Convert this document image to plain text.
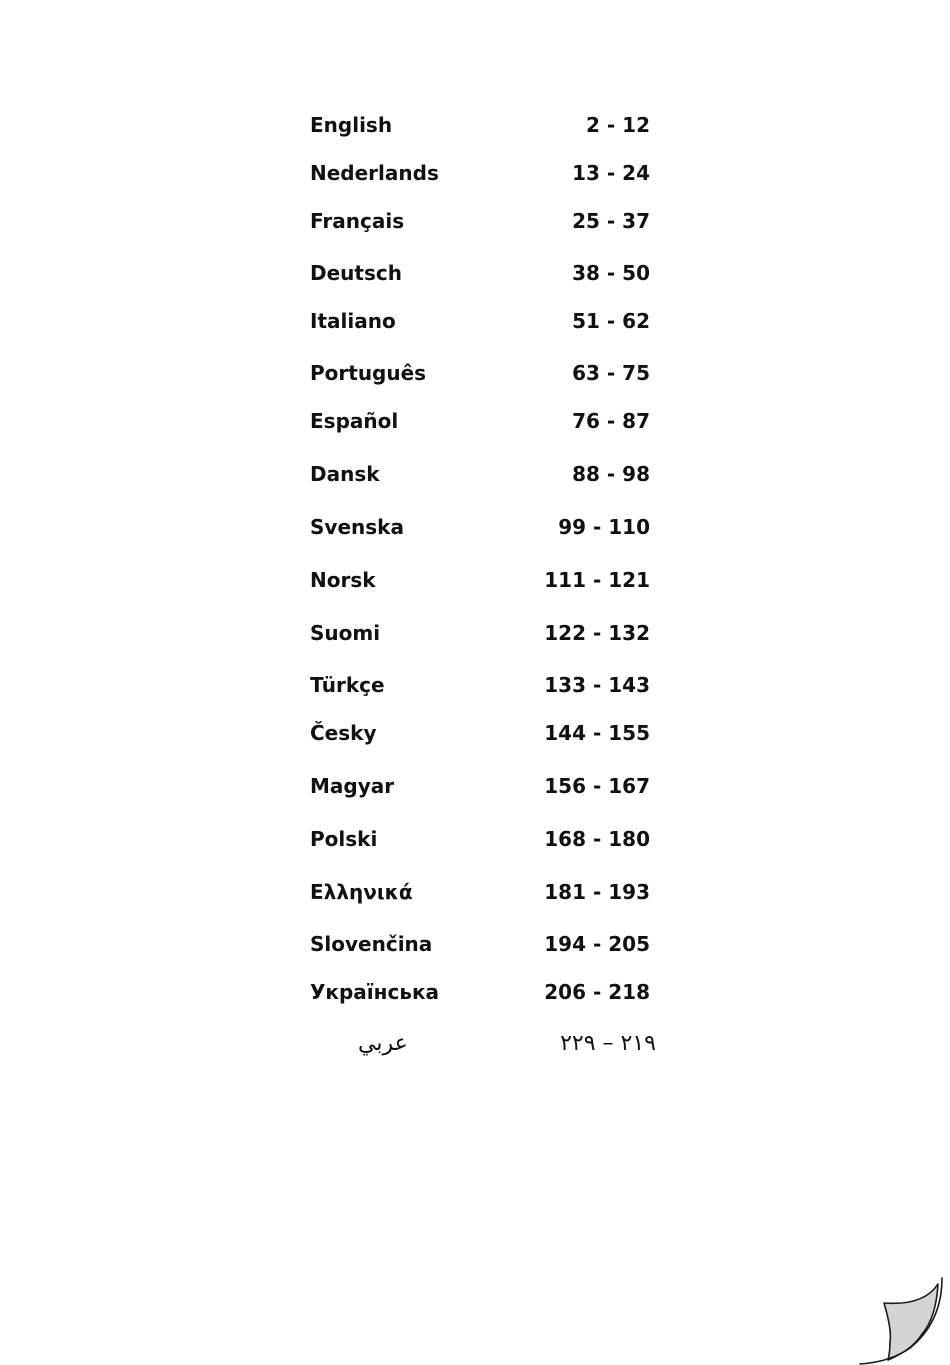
English	2 - 12
Nederlands	13 - 24
Français	25 - 37
Deutsch	38 - 50
Italiano	51 - 62
Português	63 - 75
Español	76 - 87
Dansk	88 - 98
Svenska	99 - 110
Norsk	111 - 121
Suomi	122 - 132
Türkçe	133 - 143
Česky	144 - 155
Magyar	156 - 167
Polski	168 - 180
Ελληνικά	181 - 193
Slovenčina	194 - 205
Українська	206 - 218
عربي	٢١٩ – ٢٢٩
